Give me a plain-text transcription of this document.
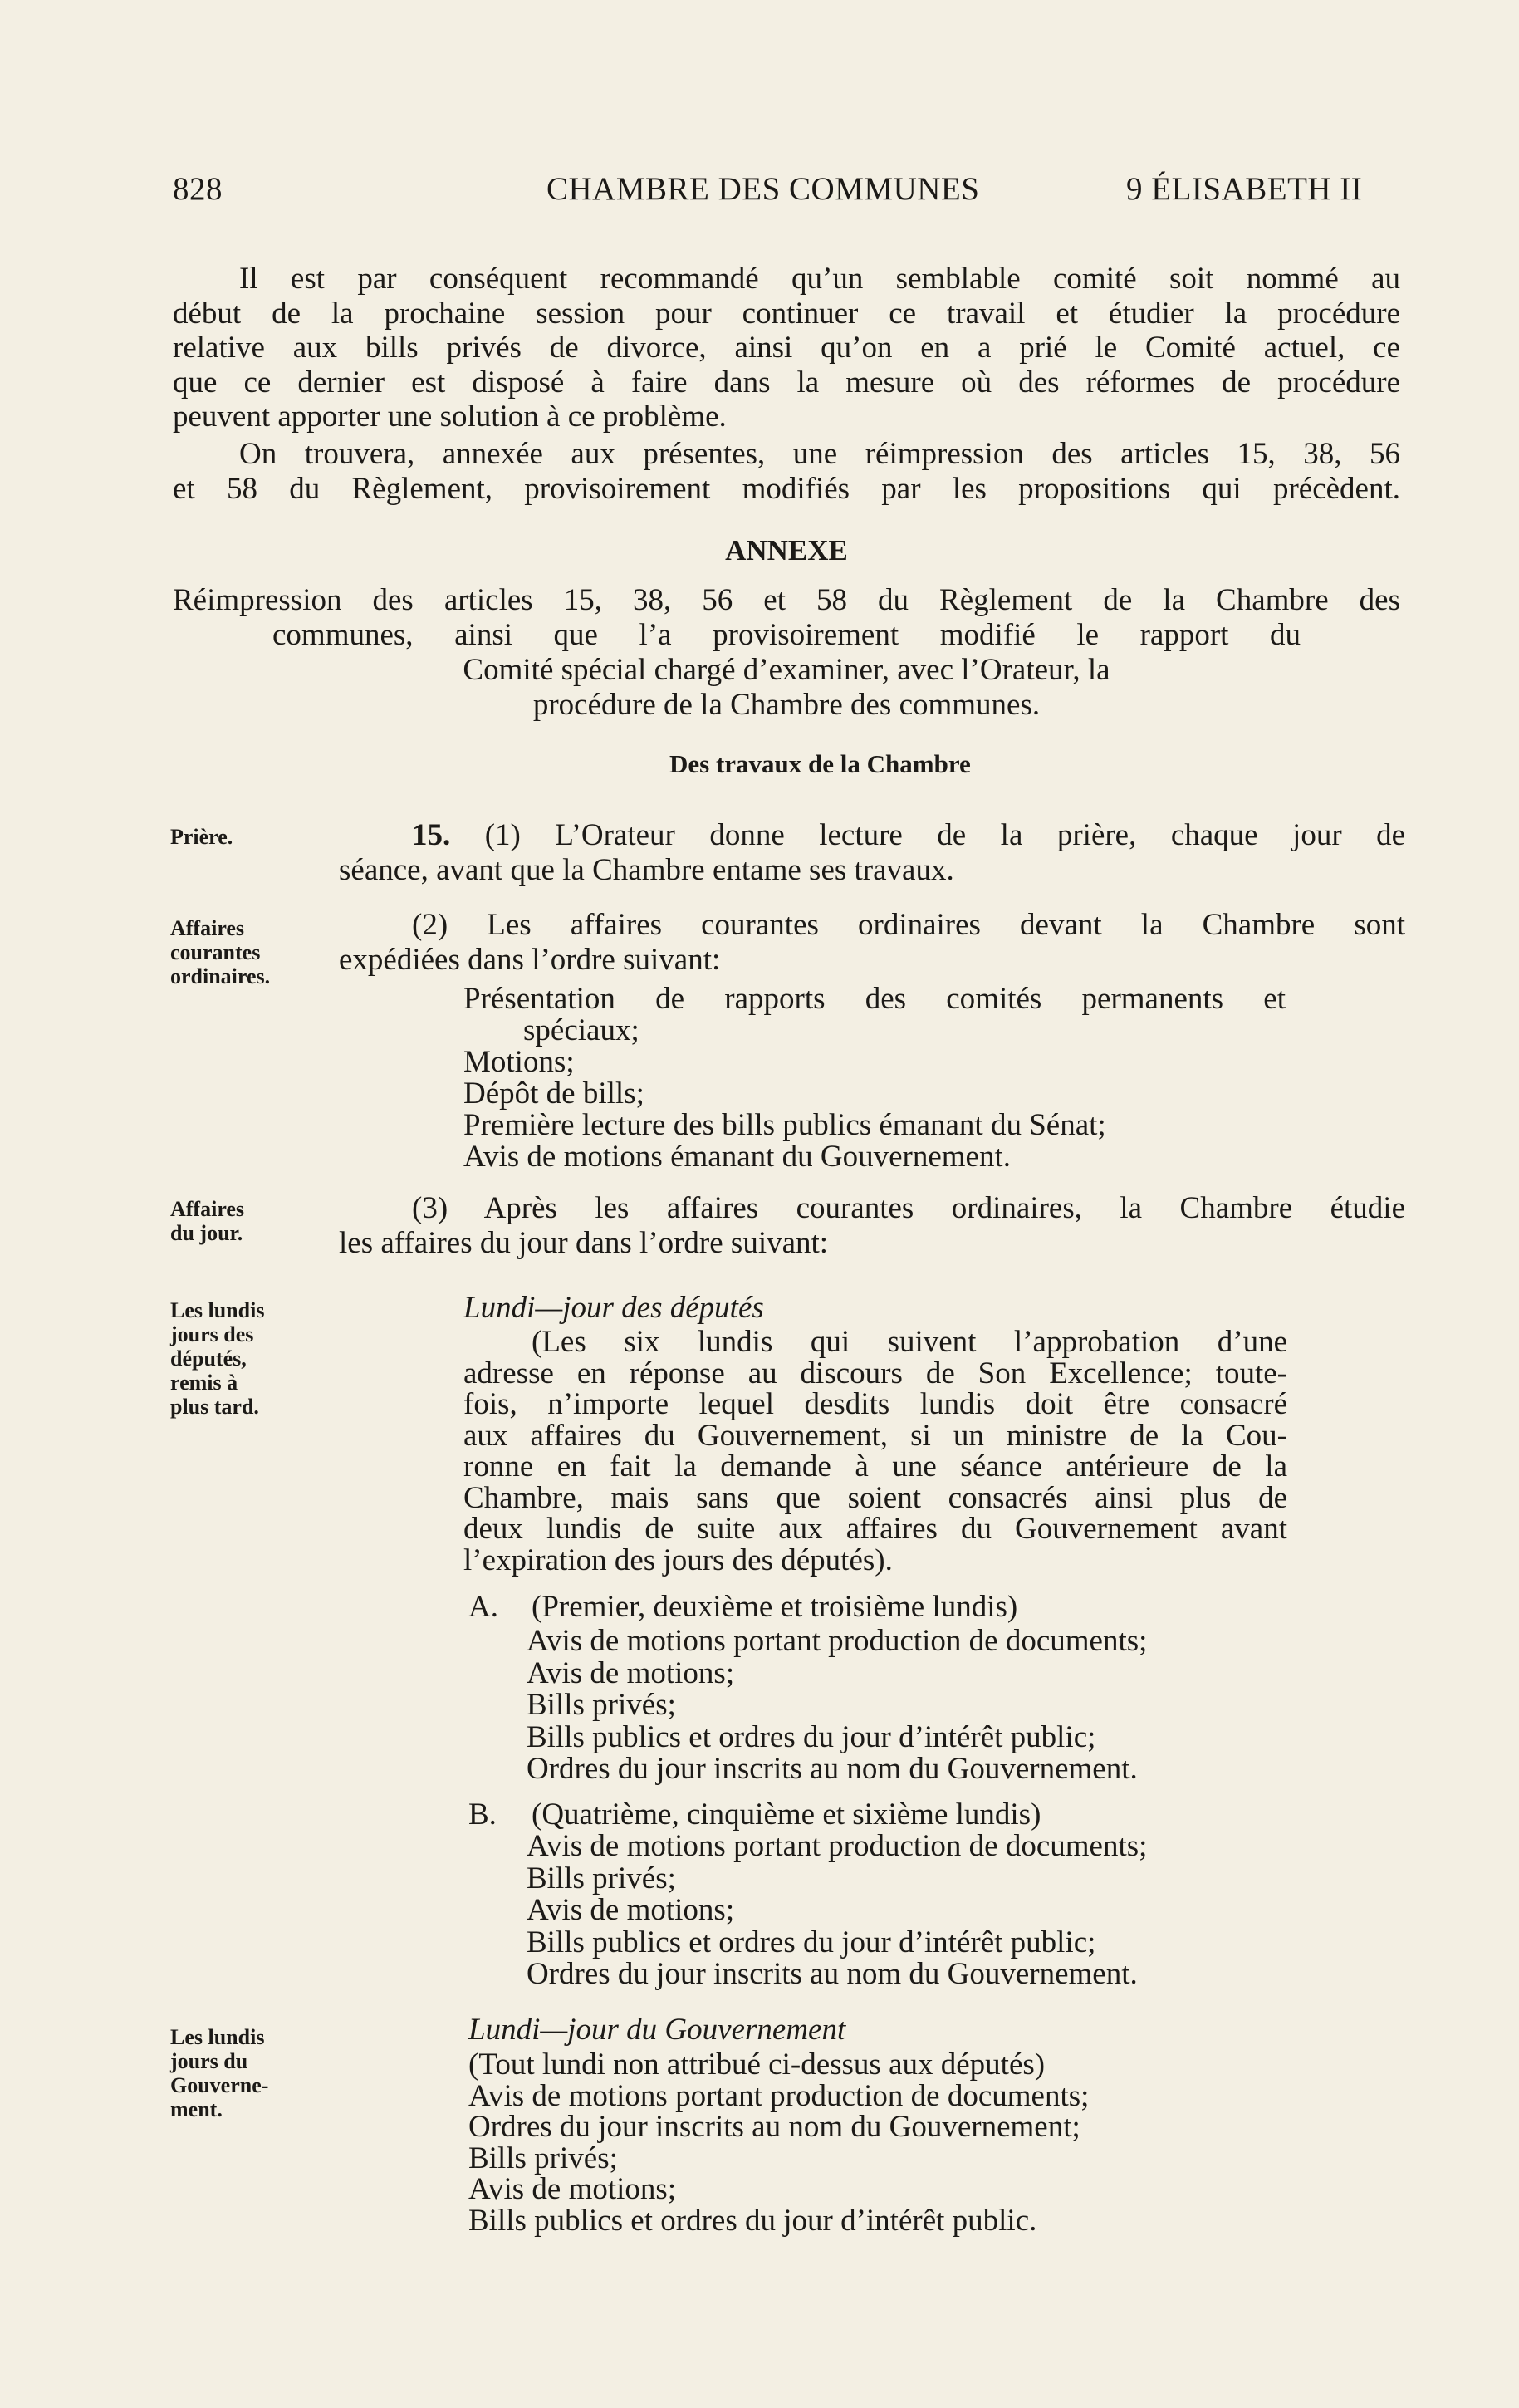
828	CHAMBRE DES COMMUNES	9 ÉLISABETH II
Il est par conséquent recommandé qu’un semblable comité soit nommé au
début de la prochaine session pour continuer ce travail et étudier la procédure
relative aux bills privés de divorce, ainsi qu’on en a prié le Comité actuel, ce
que ce dernier est disposé à faire dans la mesure où des réformes de procédure
peuvent apporter une solution à ce problème.
On trouvera, annexée aux présentes, une réimpression des articles 15, 38, 56
et 58 du Règlement, provisoirement modifiés par les propositions qui précèdent.
ANNEXE
Réimpression des articles 15, 38, 56 et 58 du Règlement de la Chambre des
communes, ainsi que l’a provisoirement modifié le rapport du
Comité spécial chargé d’examiner, avec l’Orateur, la
procédure de la Chambre des communes.
Des travaux de la Chambre
Prière.
Affaires
courantes
ordinaires.
Affaires
du jour.
Les lundis
jours des
députés,
remis à
plus tard.
Les lundis
jours du
Gouverne-
ment.
15. (1) L’Orateur donne lecture de la prière, chaque jour de
séance, avant que la Chambre entame ses travaux.
(2) Les affaires courantes ordinaires devant la Chambre sont
expédiées dans l’ordre suivant:
Présentation de rapports des comités permanents et
spéciaux;
Motions;
Dépôt de bills;
Première lecture des bills publics émanant du Sénat;
Avis de motions émanant du Gouvernement.
(3) Après les affaires courantes ordinaires, la Chambre étudie
les affaires du jour dans l’ordre suivant:
Lundi—jour des députés
(Les six lundis qui suivent l’approbation d’une
adresse en réponse au discours de Son Excellence; toute-
fois, n’importe lequel desdits lundis doit être consacré
aux affaires du Gouvernement, si un ministre de la Cou-
ronne en fait la demande à une séance antérieure de la
Chambre, mais sans que soient consacrés ainsi plus de
deux lundis de suite aux affaires du Gouvernement avant
l’expiration des jours des députés).
A. (Premier, deuxième et troisième lundis)
Avis de motions portant production de documents;
Avis de motions;
Bills privés;
Bills publics et ordres du jour d’intérêt public;
Ordres du jour inscrits au nom du Gouvernement.
B. (Quatrième, cinquième et sixième lundis)
Avis de motions portant production de documents;
Bills privés;
Avis de motions;
Bills publics et ordres du jour d’intérêt public;
Ordres du jour inscrits au nom du Gouvernement.
Lundi—jour du Gouvernement
(Tout lundi non attribué ci-dessus aux députés)
Avis de motions portant production de documents;
Ordres du jour inscrits au nom du Gouvernement;
Bills privés;
Avis de motions;
Bills publics et ordres du jour d’intérêt public.
